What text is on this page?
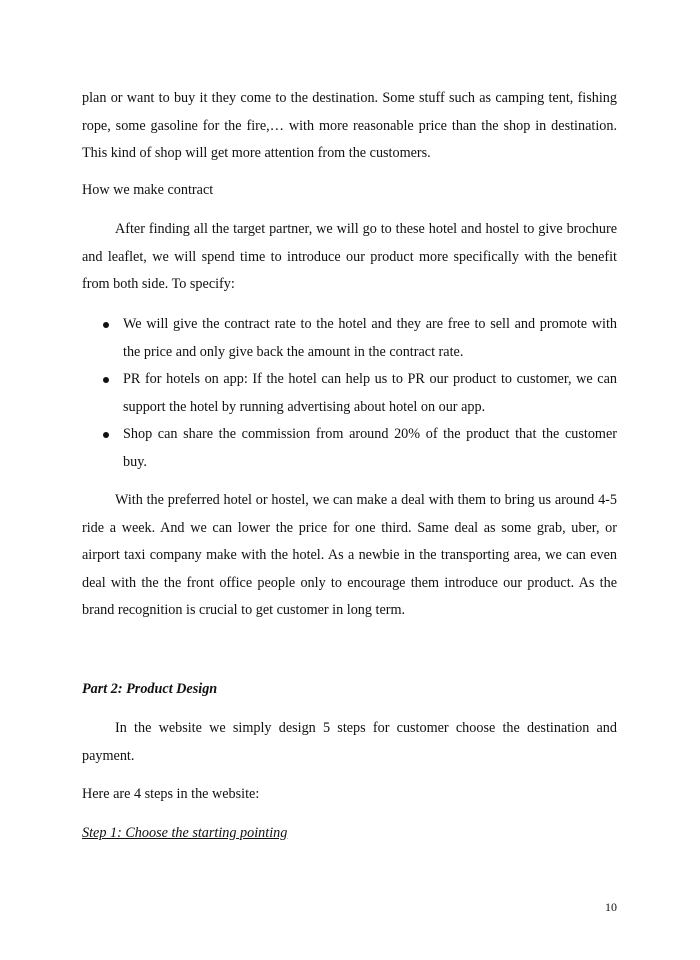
plan or want to buy it they come to the destination. Some stuff such as camping tent, fishing rope, some gasoline for the fire,… with more reasonable price than the shop in destination. This kind of shop will get more attention from the customers.

How we make contract

After finding all the target partner, we will go to these hotel and hostel to give brochure and leaflet, we will spend time to introduce our product more specifically with the benefit from both side. To specify:

We will give the contract rate to the hotel and they are free to sell and promote with the price and only give back the amount in the contract rate.
PR for hotels on app: If the hotel can help us to PR our product to customer, we can support the hotel by running advertising about hotel on our app.
Shop can share the commission from around 20% of the product that the customer buy.

With the preferred hotel or hostel, we can make a deal with them to bring us around 4-5 ride a week. And we can lower the price for one third. Same deal as some grab, uber, or airport taxi company make with the hotel. As a newbie in the transporting area, we can even deal with the the front office people only to encourage them introduce our product. As the brand recognition is crucial to get customer in long term.

Part 2: Product Design

In the website we simply design 5 steps for customer choose the destination and payment.

Here are 4 steps in the website:

Step 1: Choose the starting pointing

10
